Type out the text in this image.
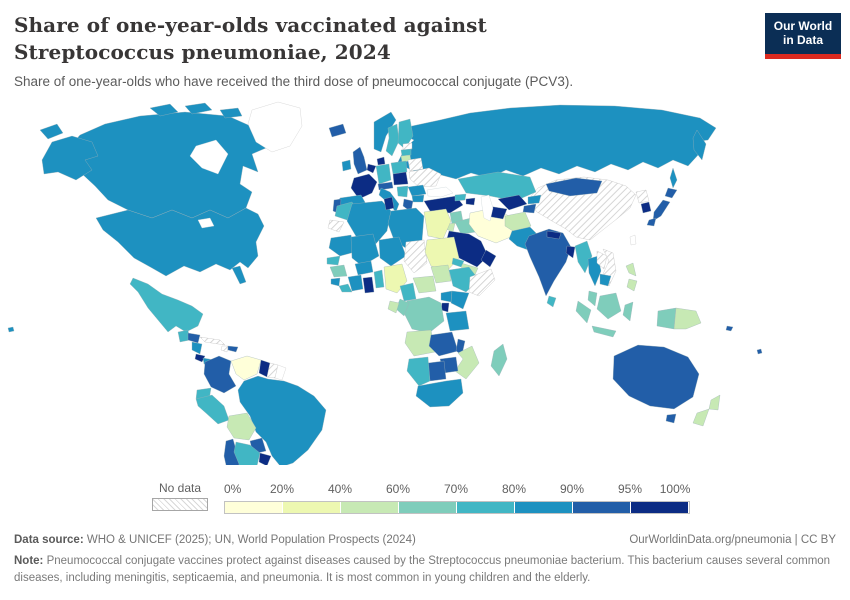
Share of one-year-olds vaccinated against Streptococcus pneumoniae, 2024
Share of one-year-olds who have received the third dose of pneumococcal conjugate (PCV3).
Our World
in Data
No data	0% 20%	40%	60%	70%	80%	90%	95% 100%
Data source: WHO & UNICEF (2025); UN, World Population Prospects (2024)	OurWorldinData.org/pneumonia | CC BY
Note: Pneumococcal conjugate vaccines protect against diseases caused by the Streptococcus pneumoniae bacterium. This bacterium causes several common diseases, including meningitis, septicaemia, and pneumonia. It is most common in young children and the elderly.
